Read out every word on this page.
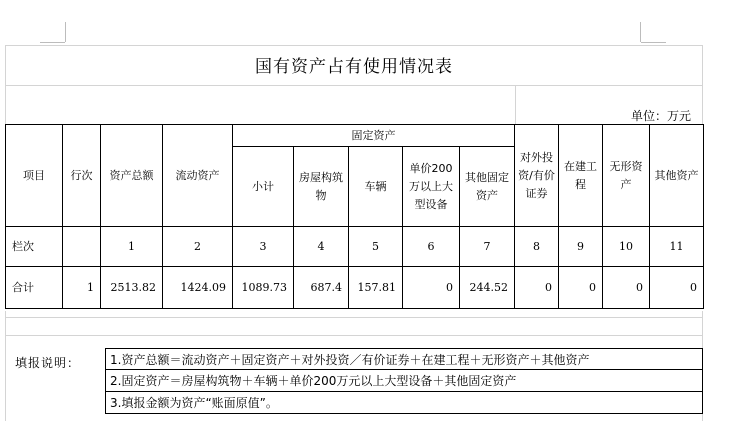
国有资产占有使用情况表
单位：万元
项目	行次	资产总额	流动资产	固定资产					对外投资/有价证券	在建工程	无形资产	其他资产
				小计	房屋构筑物	车辆	单价200万以上大型设备	其他固定资产				
栏次		1	2	3	4	5	6	7	8	9	10	11
合计	1	2513.82	1424.09	1089.73	687.4	157.81	0	244.52	0	0	0	0
填报说明：	1.资产总额＝流动资产＋固定资产＋对外投资／有价证券＋在建工程＋无形资产＋其他资产
2.固定资产＝房屋构筑物＋车辆＋单价200万元以上大型设备＋其他固定资产
3.填报金额为资产“账面原值”。
